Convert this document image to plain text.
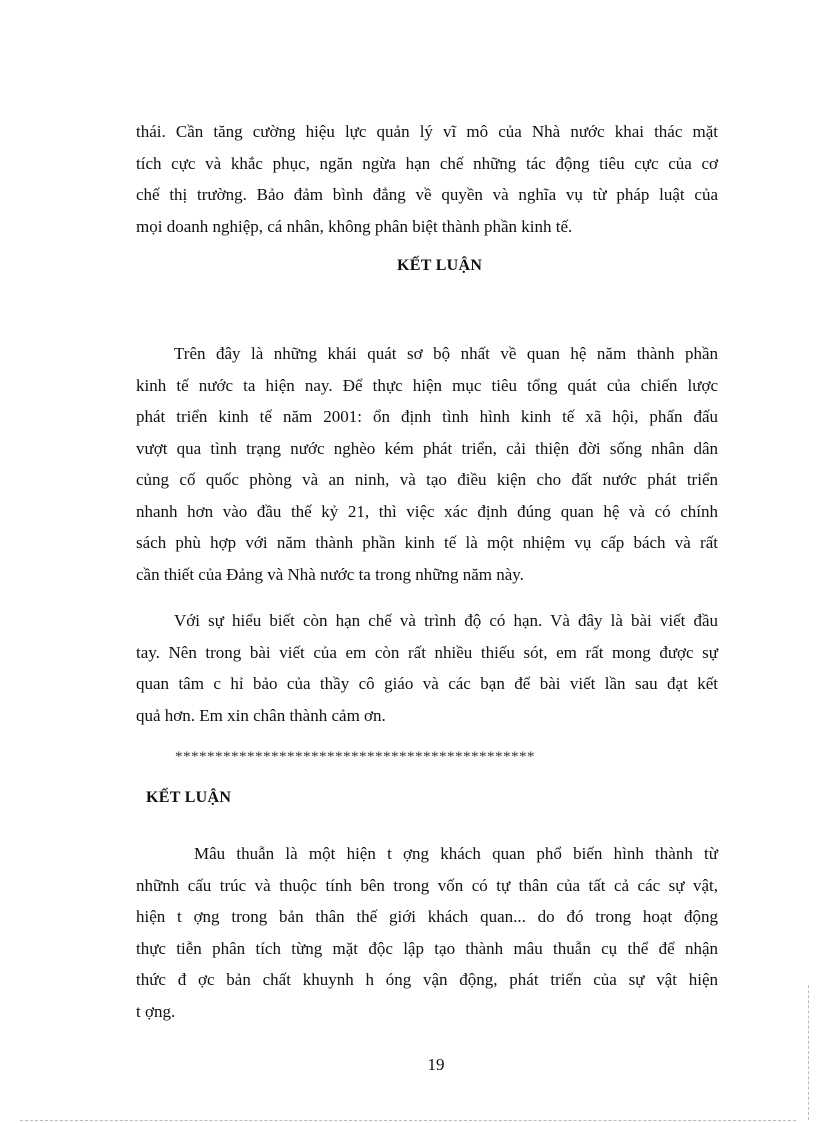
thái. Cần tăng cường hiệu lực quản lý vĩ mô của Nhà nước khai thác mặt
tích cực và khắc phục, ngăn ngừa hạn chế những tác động tiêu cực của cơ
chế thị trường. Bảo đảm bình đẳng về quyền và nghĩa vụ từ pháp luật của
mọi doanh nghiệp, cá nhân, không phân biệt thành phần kinh tế.
KẾT LUẬN
Trên đây là những khái quát sơ bộ nhất về quan hệ năm thành phần
kinh tế nước ta hiện nay. Để thực hiện mục tiêu tổng quát của chiến lược
phát triển kinh tế năm 2001: ổn định tình hình kinh tế xã hội, phấn đấu
vượt qua tình trạng nước nghèo kém phát triển, cải thiện đời sống nhân dân
củng cố quốc phòng và an ninh, và tạo điều kiện cho đất nước phát triển
nhanh hơn vào đầu thế kỷ 21, thì việc xác định đúng quan hệ và có chính
sách phù hợp với năm thành phần kinh tế là một nhiệm vụ cấp bách và rất
cần thiết của Đảng và Nhà nước ta trong những năm này.
Với sự hiểu biết còn hạn chế và trình độ có hạn. Và đây là bài viết đầu
tay. Nên trong bài viết của em còn rất nhiều thiếu sót, em rất mong được sự
quan tâm c hỉ bảo của thầy cô giáo và các bạn để bài viết lần sau đạt kết
quả hơn. Em xin chân thành cảm ơn.
*********************************************
KẾT LUẬN
Mâu thuẫn là một hiện t ợng khách quan phổ biến hình thành từ
nhữnh cấu trúc và thuộc tính bên trong vốn có tự thân của tất cả các sự vật,
hiện t ợng trong bản thân thế giới khách quan... do đó trong hoạt động
thực tiễn phân tích từng mặt độc lập tạo thành mâu thuẫn cụ thể để nhận
thức đ ợc bản chất khuynh h óng vận động, phát triển của sự vật hiện
t ợng.
19
